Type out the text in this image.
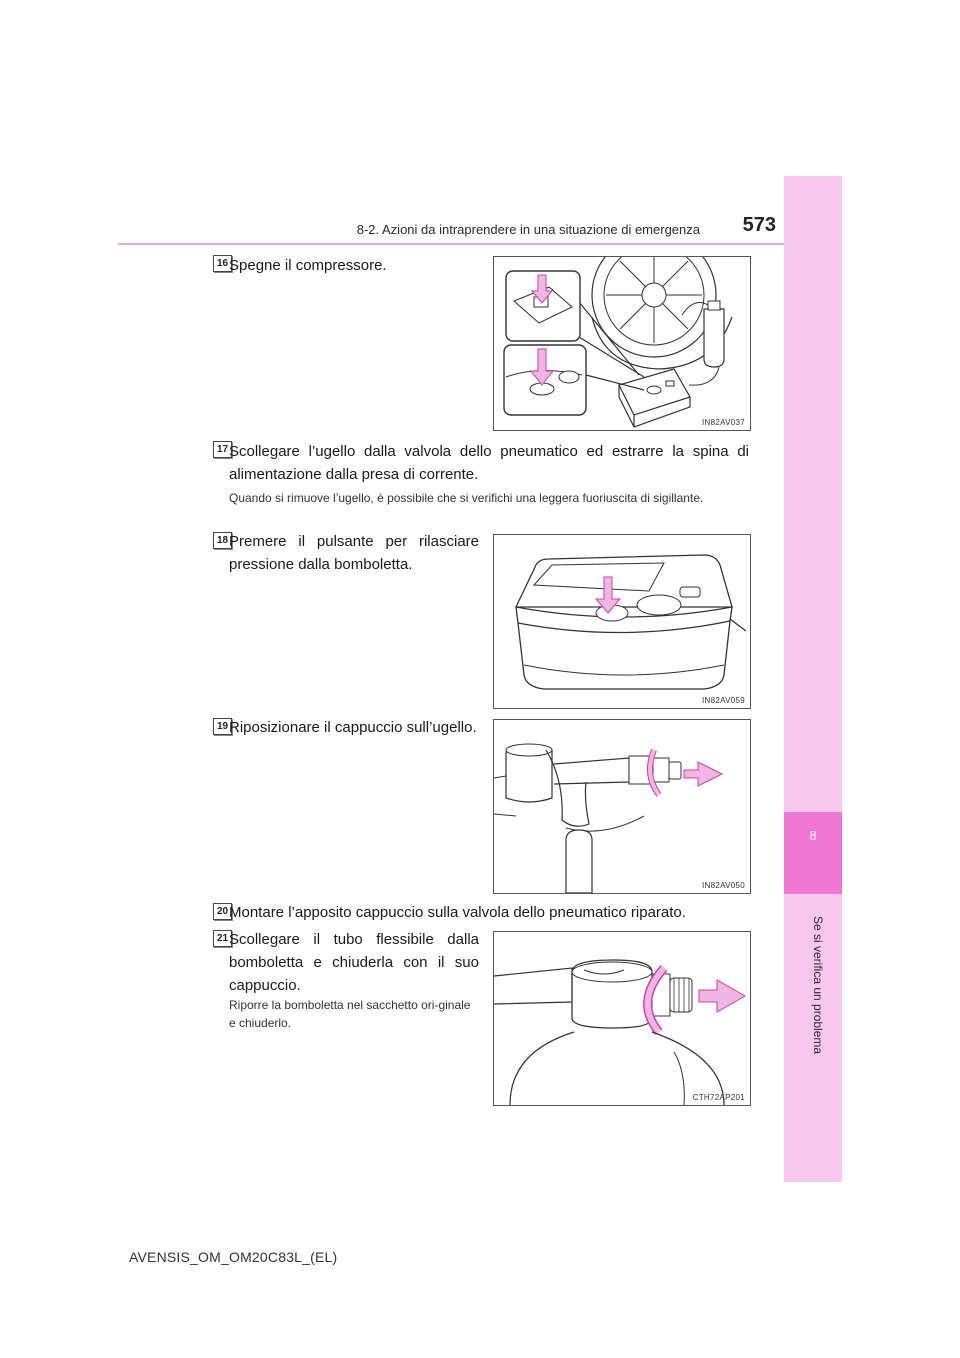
8
Se si verifica un problema
8-2. Azioni da intraprendere in una situazione di emergenza	573
16 Spegne il compressore.
IN82AV037
17 Scollegare l’ugello dalla valvola dello pneumatico ed estrarre la spina di alimentazione dalla presa di corrente.
Quando si rimuove l’ugello, è possibile che si verifichi una leggera fuoriuscita di sigillante.
18 Premere il pulsante per rilasciare pressione dalla bomboletta.
IN82AV059
19 Riposizionare il cappuccio sull’ugello.
IN82AV050
20 Montare l’apposito cappuccio sulla valvola dello pneumatico riparato.
21 Scollegare il tubo flessibile dalla bomboletta e chiuderla con il suo cappuccio.
Riporre la bomboletta nel sacchetto ori-ginale e chiuderlo.
CTH72AP201
AVENSIS_OM_OM20C83L_(EL)
